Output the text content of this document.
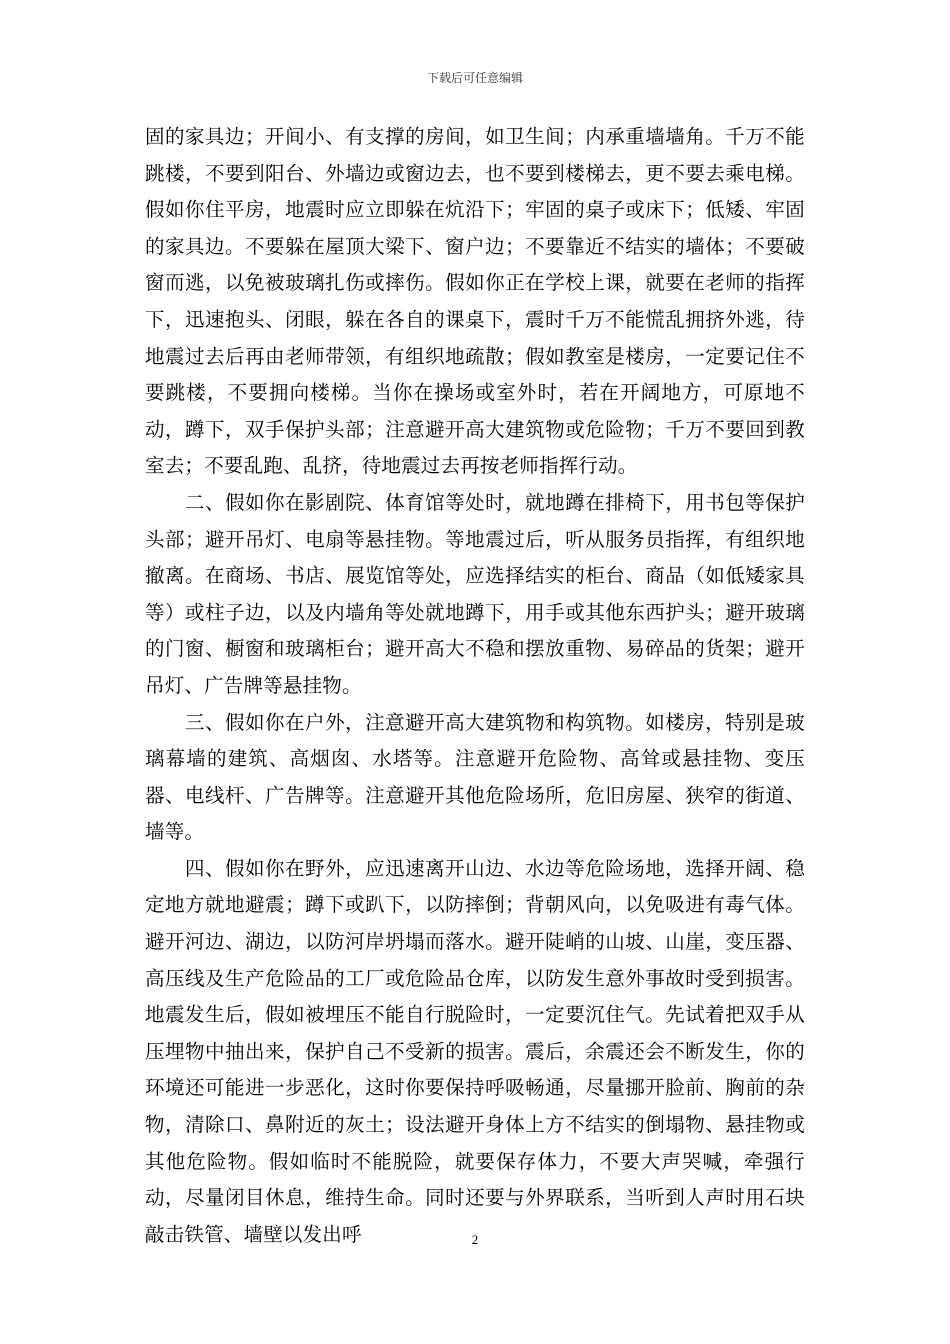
下载后可任意编辑

固的家具边；开间小、有支撑的房间，如卫生间；内承重墙墙角。千万不能跳楼，不要到阳台、外墙边或窗边去，也不要到楼梯去，更不要去乘电梯。假如你住平房，地震时应立即躲在炕沿下；牢固的桌子或床下；低矮、牢固的家具边。不要躲在屋顶大梁下、窗户边；不要靠近不结实的墙体；不要破窗而逃，以免被玻璃扎伤或摔伤。假如你正在学校上课，就要在老师的指挥下，迅速抱头、闭眼，躲在各自的课桌下，震时千万不能慌乱拥挤外逃，待地震过去后再由老师带领，有组织地疏散；假如教室是楼房，一定要记住不要跳楼，不要拥向楼梯。当你在操场或室外时，若在开阔地方，可原地不动，蹲下，双手保护头部；注意避开高大建筑物或危险物；千万不要回到教室去；不要乱跑、乱挤，待地震过去再按老师指挥行动。

二、假如你在影剧院、体育馆等处时，就地蹲在排椅下，用书包等保护头部；避开吊灯、电扇等悬挂物。等地震过后，听从服务员指挥，有组织地撤离。在商场、书店、展览馆等处，应选择结实的柜台、商品（如低矮家具等）或柱子边，以及内墙角等处就地蹲下，用手或其他东西护头；避开玻璃的门窗、橱窗和玻璃柜台；避开高大不稳和摆放重物、易碎品的货架；避开吊灯、广告牌等悬挂物。

三、假如你在户外，注意避开高大建筑物和构筑物。如楼房，特别是玻璃幕墙的建筑、高烟囱、水塔等。注意避开危险物、高耸或悬挂物、变压器、电线杆、广告牌等。注意避开其他危险场所，危旧房屋、狭窄的街道、墙等。

四、假如你在野外，应迅速离开山边、水边等危险场地，选择开阔、稳定地方就地避震；蹲下或趴下，以防摔倒；背朝风向，以免吸进有毒气体。避开河边、湖边，以防河岸坍塌而落水。避开陡峭的山坡、山崖，变压器、高压线及生产危险品的工厂或危险品仓库，以防发生意外事故时受到损害。地震发生后，假如被埋压不能自行脱险时，一定要沉住气。先试着把双手从压埋物中抽出来，保护自己不受新的损害。震后，余震还会不断发生，你的环境还可能进一步恶化，这时你要保持呼吸畅通，尽量挪开脸前、胸前的杂物，清除口、鼻附近的灰土；设法避开身体上方不结实的倒塌物、悬挂物或其他危险物。假如临时不能脱险，就要保存体力，不要大声哭喊，牵强行动，尽量闭目休息，维持生命。同时还要与外界联系，当听到人声时用石块敲击铁管、墙壁以发出呼	2
